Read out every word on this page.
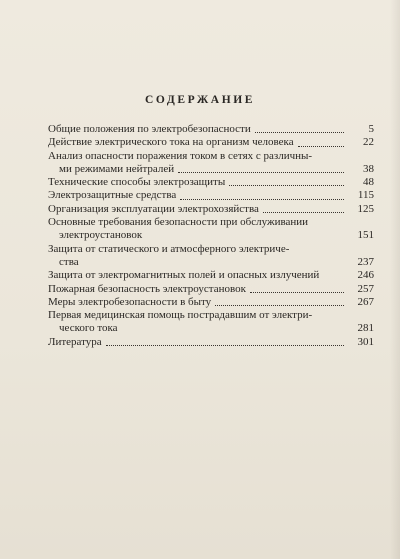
СОДЕРЖАНИЕ
Общие положения по электробезопасности	5
Действие электрического тока на организм человека	22
Анализ опасности поражения током в сетях с различны-
ми режимами нейтралей	38
Технические способы электрозащиты	48
Электрозащитные средства	115
Организация эксплуатации электрохозяйства	125
Основные требования безопасности при обслуживании
электроустановок	151
Защита от статического и атмосферного электриче-
ства	237
Защита от электромагнитных полей и опасных излучений	246
Пожарная безопасность электроустановок	257
Меры электробезопасности в быту	267
Первая медицинская помощь пострадавшим от электри-
ческого тока	281
Литература	301
